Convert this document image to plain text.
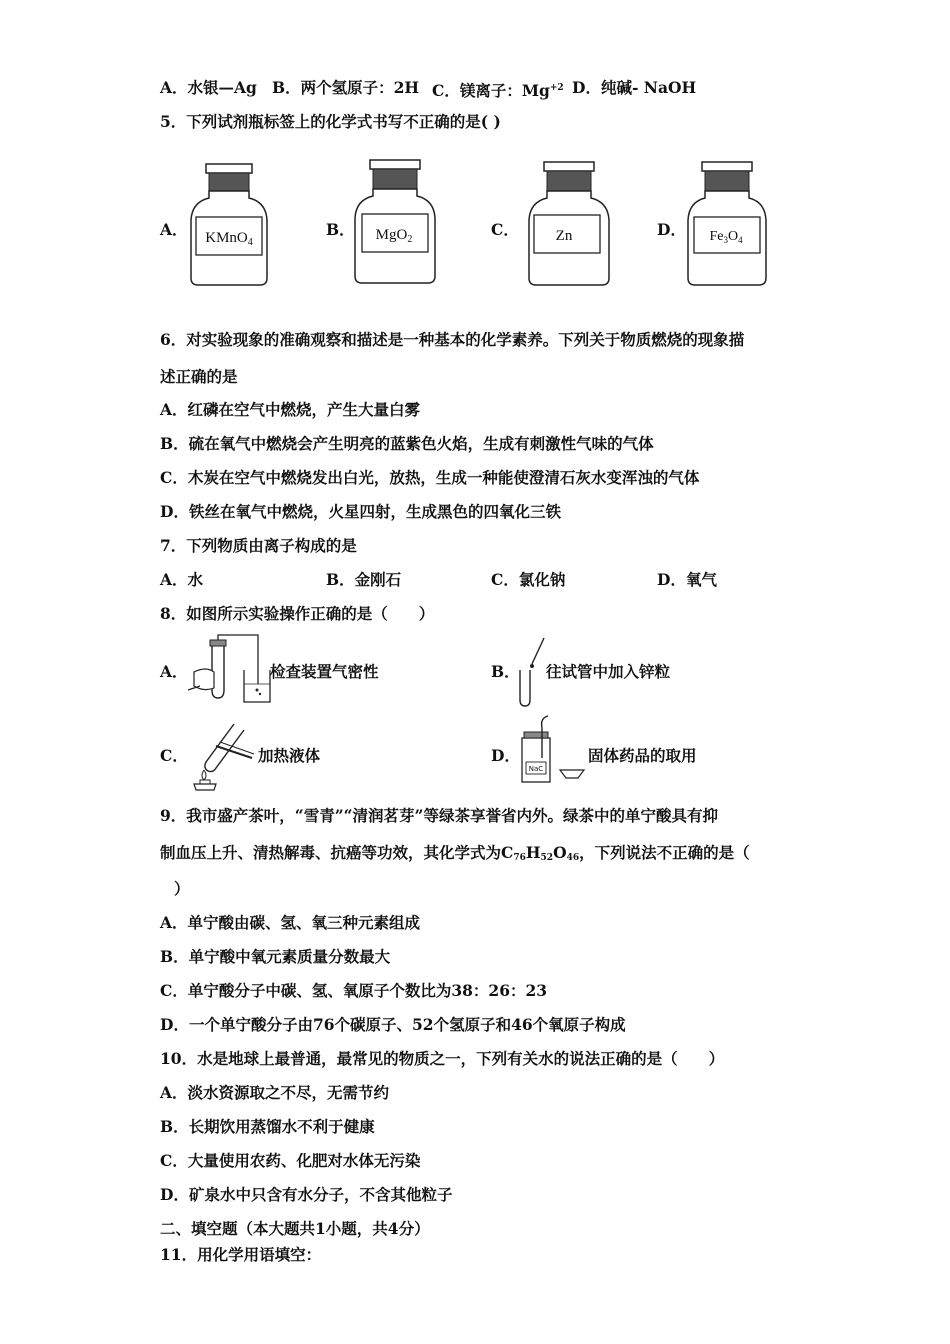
A．水银—Ag B．两个氢原子：2H C．镁离子：$Mg^{+2}$ D．纯碱- NaOH
5．下列试剂瓶标签上的化学式书写不正确的是( )
A．	B．	C．	D．
KMnO$_4$	MgO$_2$	Zn	$Fe_3O_4$
6．对实验现象的准确观察和描述是一种基本的化学素养。下列关于物质燃烧的现象描
述正确的是
A．红磷在空气中燃烧，产生大量白雾
B．硫在氧气中燃烧会产生明亮的蓝紫色火焰，生成有刺激性气味的气体
C．木炭在空气中燃烧发出白光，放热，生成一种能使澄清石灰水变浑浊的气体
D．铁丝在氧气中燃烧，火星四射，生成黑色的四氧化三铁
7．下列物质由离子构成的是
A．水	B．金刚石	C．氯化钠	D．氧气
8．如图所示实验操作正确的是（　　）
A．	检查装置气密性	B． 往试管中加入锌粒
C．	加热液体	D．
NaC
固体药品的取用
9．我市盛产茶叶，“雪青”“清润茗芽”等绿茶享誉省内外。绿茶中的单宁酸具有抑
制血压上升、清热解毒、抗癌等功效，其化学式为$C_{76}H_{52}O_{46}$，下列说法不正确的是（
）
A．单宁酸由碳、氢、氧三种元素组成
B．单宁酸中氧元素质量分数最大
C．单宁酸分子中碳、氢、氧原子个数比为38：26：23
D．一个单宁酸分子由76个碳原子、52个氢原子和46个氧原子构成
10．水是地球上最普通，最常见的物质之一，下列有关水的说法正确的是（　　）
A．淡水资源取之不尽，无需节约
B．长期饮用蒸馏水不利于健康
C．大量使用农药、化肥对水体无污染
D．矿泉水中只含有水分子，不含其他粒子
二、填空题（本大题共1小题，共4分）
11．用化学用语填空：
